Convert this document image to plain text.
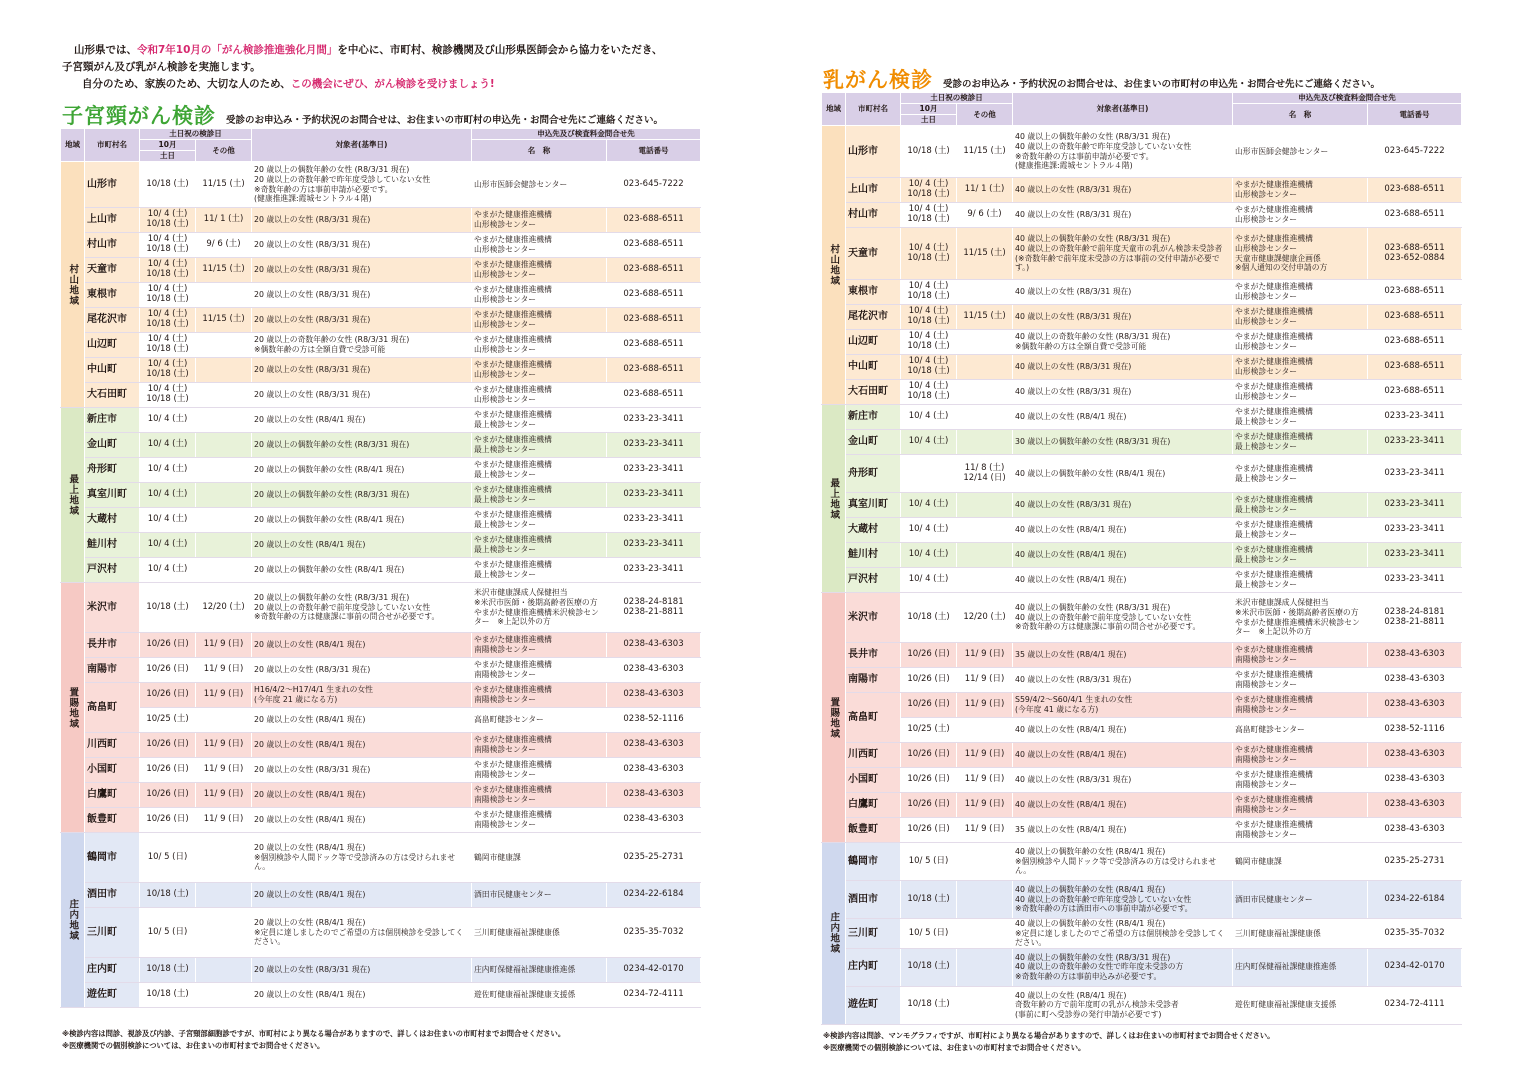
山形県では、令和7年10月の「がん検診推進強化月間」を中心に、市町村、検診機関及び山形県医師会から協力をいただき、
子宮頸がん及び乳がん検診を実施します。
自分のため、家族のため、大切な人のため、この機会にぜひ、がん検診を受けましょう!
子宮頸がん検診 受診のお申込み・予約状況のお問合せは、お住まいの市町村の申込先・お問合せ先にご連絡ください。
地域	市町村名	土日祝の検診日		対象者(基準日)	申込先及び検査料金問合せ先	
		10月	その他		名　称	電話番号
		土日				
村山地域	山形市	10/18 (土)	11/15 (土)	20 歳以上の偶数年齢の女性 (R8/3/31 現在)
20 歳以上の奇数年齢で昨年度受診していない女性
※奇数年齢の方は事前申請が必要です。
(健康推進課:霞城セントラル４階)	山形市医師会健診センター	023-645-7222
	上山市	10/ 4 (土)
10/18 (土)	11/ 1 (土)	20 歳以上の女性 (R8/3/31 現在)	やまがた健康推進機構
山形検診センター	023-688-6511
	村山市	10/ 4 (土)
10/18 (土)	9/ 6 (土)	20 歳以上の女性 (R8/3/31 現在)	やまがた健康推進機構
山形検診センター	023-688-6511
	天童市	10/ 4 (土)
10/18 (土)	11/15 (土)	20 歳以上の女性 (R8/3/31 現在)	やまがた健康推進機構
山形検診センター	023-688-6511
	東根市	10/ 4 (土)
10/18 (土)		20 歳以上の女性 (R8/3/31 現在)	やまがた健康推進機構
山形検診センター	023-688-6511
	尾花沢市	10/ 4 (土)
10/18 (土)	11/15 (土)	20 歳以上の女性 (R8/3/31 現在)	やまがた健康推進機構
山形検診センター	023-688-6511
	山辺町	10/ 4 (土)
10/18 (土)		20 歳以上の奇数年齢の女性 (R8/3/31 現在)
※偶数年齢の方は全額自費で受診可能	やまがた健康推進機構
山形検診センター	023-688-6511
	中山町	10/ 4 (土)
10/18 (土)		20 歳以上の女性 (R8/3/31 現在)	やまがた健康推進機構
山形検診センター	023-688-6511
	大石田町	10/ 4 (土)
10/18 (土)		20 歳以上の女性 (R8/3/31 現在)	やまがた健康推進機構
山形検診センター	023-688-6511
最上地域	新庄市	10/ 4 (土)		20 歳以上の女性 (R8/4/1 現在)	やまがた健康推進機構
最上検診センター	0233-23-3411
	金山町	10/ 4 (土)		20 歳以上の偶数年齢の女性 (R8/3/31 現在)	やまがた健康推進機構
最上検診センター	0233-23-3411
	舟形町	10/ 4 (土)		20 歳以上の偶数年齢の女性 (R8/4/1 現在)	やまがた健康推進機構
最上検診センター	0233-23-3411
	真室川町	10/ 4 (土)		20 歳以上の偶数年齢の女性 (R8/3/31 現在)	やまがた健康推進機構
最上検診センター	0233-23-3411
	大蔵村	10/ 4 (土)		20 歳以上の偶数年齢の女性 (R8/4/1 現在)	やまがた健康推進機構
最上検診センター	0233-23-3411
	鮭川村	10/ 4 (土)		20 歳以上の女性 (R8/4/1 現在)	やまがた健康推進機構
最上検診センター	0233-23-3411
	戸沢村	10/ 4 (土)		20 歳以上の偶数年齢の女性 (R8/4/1 現在)	やまがた健康推進機構
最上検診センター	0233-23-3411
置賜地域	米沢市	10/18 (土)	12/20 (土)	20 歳以上の偶数年齢の女性 (R8/3/31 現在)
20 歳以上の奇数年齢で前年度受診していない女性
※奇数年齢の方は健康課に事前の問合せが必要です。	米沢市健康課成人保健担当
※米沢市医師・後期高齢者医療の方
やまがた健康推進機構米沢検診センター　※上記以外の方	0238-24-8181
0238-21-8811
	長井市	10/26 (日)	11/ 9 (日)	20 歳以上の女性 (R8/4/1 現在)	やまがた健康推進機構
南陽検診センター	0238-43-6303
	南陽市	10/26 (日)	11/ 9 (日)	20 歳以上の女性 (R8/3/31 現在)	やまがた健康推進機構
南陽検診センター	0238-43-6303
	高畠町	10/26 (日)	11/ 9 (日)	H16/4/2～H17/4/1 生まれの女性
(今年度 21 歳になる方)	やまがた健康推進機構
南陽検診センター	0238-43-6303
		10/25 (土)		20 歳以上の女性 (R8/4/1 現在)	高畠町健診センター	0238-52-1116
	川西町	10/26 (日)	11/ 9 (日)	20 歳以上の女性 (R8/4/1 現在)	やまがた健康推進機構
南陽検診センター	0238-43-6303
	小国町	10/26 (日)	11/ 9 (日)	20 歳以上の女性 (R8/3/31 現在)	やまがた健康推進機構
南陽検診センター	0238-43-6303
	白鷹町	10/26 (日)	11/ 9 (日)	20 歳以上の女性 (R8/4/1 現在)	やまがた健康推進機構
南陽検診センター	0238-43-6303
	飯豊町	10/26 (日)	11/ 9 (日)	20 歳以上の女性 (R8/4/1 現在)	やまがた健康推進機構
南陽検診センター	0238-43-6303
庄内地域	鶴岡市	10/ 5 (日)		20 歳以上の女性 (R8/4/1 現在)
※個別検診や人間ドック等で受診済みの方は受けられません。	鶴岡市健康課	0235-25-2731
	酒田市	10/18 (土)		20 歳以上の女性 (R8/4/1 現在)	酒田市民健康センター	0234-22-6184
	三川町	10/ 5 (日)		20 歳以上の女性 (R8/4/1 現在)
※定員に達しましたのでご希望の方は個別検診を受診してください。	三川町健康福祉課健康係	0235-35-7032
	庄内町	10/18 (土)		20 歳以上の女性 (R8/3/31 現在)	庄内町保健福祉課健康推進係	0234-42-0170
	遊佐町	10/18 (土)		20 歳以上の女性 (R8/4/1 現在)	遊佐町健康福祉課健康支援係	0234-72-4111
※検診内容は問診、視診及び内診、子宮頸部細胞診ですが、市町村により異なる場合がありますので、詳しくはお住まいの市町村までお問合せください。
※医療機関での個別検診については、お住まいの市町村までお問合せください。
乳がん検診 受診のお申込み・予約状況のお問合せは、お住まいの市町村の申込先・お問合せ先にご連絡ください。
地域	市町村名	土日祝の検診日		対象者(基準日)	申込先及び検査料金問合せ先	
		10月	その他		名　称	電話番号
		土日				
村山地域	山形市	10/18 (土)	11/15 (土)	40 歳以上の偶数年齢の女性 (R8/3/31 現在)
40 歳以上の奇数年齢で昨年度受診していない女性
※奇数年齢の方は事前申請が必要です。
(健康推進課:霞城セントラル４階)	山形市医師会健診センター	023-645-7222
	上山市	10/ 4 (土)
10/18 (土)	11/ 1 (土)	40 歳以上の女性 (R8/3/31 現在)	やまがた健康推進機構
山形検診センター	023-688-6511
	村山市	10/ 4 (土)
10/18 (土)	9/ 6 (土)	40 歳以上の女性 (R8/3/31 現在)	やまがた健康推進機構
山形検診センター	023-688-6511
	天童市	10/ 4 (土)
10/18 (土)	11/15 (土)	40 歳以上の偶数年齢の女性 (R8/3/31 現在)
40 歳以上の奇数年齢で前年度天童市の乳がん検診未受診者
(※奇数年齢で前年度未受診の方は事前の交付申請が必要です。)	やまがた健康推進機構
山形検診センター
天童市健康課健康企画係
※個人通知の交付申請の方	023-688-6511
023-652-0884
	東根市	10/ 4 (土)
10/18 (土)		40 歳以上の女性 (R8/3/31 現在)	やまがた健康推進機構
山形検診センター	023-688-6511
	尾花沢市	10/ 4 (土)
10/18 (土)	11/15 (土)	40 歳以上の女性 (R8/3/31 現在)	やまがた健康推進機構
山形検診センター	023-688-6511
	山辺町	10/ 4 (土)
10/18 (土)		40 歳以上の奇数年齢の女性 (R8/3/31 現在)
※偶数年齢の方は全額自費で受診可能	やまがた健康推進機構
山形検診センター	023-688-6511
	中山町	10/ 4 (土)
10/18 (土)		40 歳以上の女性 (R8/3/31 現在)	やまがた健康推進機構
山形検診センター	023-688-6511
	大石田町	10/ 4 (土)
10/18 (土)		40 歳以上の女性 (R8/3/31 現在)	やまがた健康推進機構
山形検診センター	023-688-6511
最上地域	新庄市	10/ 4 (土)		40 歳以上の女性 (R8/4/1 現在)	やまがた健康推進機構
最上検診センター	0233-23-3411
	金山町	10/ 4 (土)		30 歳以上の偶数年齢の女性 (R8/3/31 現在)	やまがた健康推進機構
最上検診センター	0233-23-3411
	舟形町		11/ 8 (土)
12/14 (日)	40 歳以上の偶数年齢の女性 (R8/4/1 現在)	やまがた健康推進機構
最上検診センター	0233-23-3411
	真室川町	10/ 4 (土)		40 歳以上の女性 (R8/3/31 現在)	やまがた健康推進機構
最上検診センター	0233-23-3411
	大蔵村	10/ 4 (土)		40 歳以上の女性 (R8/4/1 現在)	やまがた健康推進機構
最上検診センター	0233-23-3411
	鮭川村	10/ 4 (土)		40 歳以上の女性 (R8/4/1 現在)	やまがた健康推進機構
最上検診センター	0233-23-3411
	戸沢村	10/ 4 (土)		40 歳以上の女性 (R8/4/1 現在)	やまがた健康推進機構
最上検診センター	0233-23-3411
置賜地域	米沢市	10/18 (土)	12/20 (土)	40 歳以上の偶数年齢の女性 (R8/3/31 現在)
40 歳以上の奇数年齢で前年度受診していない女性
※奇数年齢の方は健康課に事前の問合せが必要です。	米沢市健康課成人保健担当
※米沢市医師・後期高齢者医療の方
やまがた健康推進機構米沢検診センター　※上記以外の方	0238-24-8181
0238-21-8811
	長井市	10/26 (日)	11/ 9 (日)	35 歳以上の女性 (R8/4/1 現在)	やまがた健康推進機構
南陽検診センター	0238-43-6303
	南陽市	10/26 (日)	11/ 9 (日)	40 歳以上の女性 (R8/3/31 現在)	やまがた健康推進機構
南陽検診センター	0238-43-6303
	高畠町	10/26 (日)	11/ 9 (日)	S59/4/2～S60/4/1 生まれの女性
(今年度 41 歳になる方)	やまがた健康推進機構
南陽検診センター	0238-43-6303
		10/25 (土)		40 歳以上の女性 (R8/4/1 現在)	高畠町健診センター	0238-52-1116
	川西町	10/26 (日)	11/ 9 (日)	40 歳以上の女性 (R8/4/1 現在)	やまがた健康推進機構
南陽検診センター	0238-43-6303
	小国町	10/26 (日)	11/ 9 (日)	40 歳以上の女性 (R8/3/31 現在)	やまがた健康推進機構
南陽検診センター	0238-43-6303
	白鷹町	10/26 (日)	11/ 9 (日)	40 歳以上の女性 (R8/4/1 現在)	やまがた健康推進機構
南陽検診センター	0238-43-6303
	飯豊町	10/26 (日)	11/ 9 (日)	35 歳以上の女性 (R8/4/1 現在)	やまがた健康推進機構
南陽検診センター	0238-43-6303
庄内地域	鶴岡市	10/ 5 (日)		40 歳以上の偶数年齢の女性 (R8/4/1 現在)
※個別検診や人間ドック等で受診済みの方は受けられません。	鶴岡市健康課	0235-25-2731
	酒田市	10/18 (土)		40 歳以上の偶数年齢の女性 (R8/4/1 現在)
40 歳以上の奇数年齢で昨年度受診していない女性
※奇数年齢の方は酒田市への事前申請が必要です。	酒田市民健康センター	0234-22-6184
	三川町	10/ 5 (日)		40 歳以上の偶数年齢の女性 (R8/4/1 現在)
※定員に達しましたのでご希望の方は個別検診を受診してください。	三川町健康福祉課健康係	0235-35-7032
	庄内町	10/18 (土)		40 歳以上の偶数年齢の女性 (R8/3/31 現在)
40 歳以上の奇数年齢の女性で昨年度未受診の方
※奇数年齢の方は事前申込みが必要です。	庄内町保健福祉課健康推進係	0234-42-0170
	遊佐町	10/18 (土)		40 歳以上の女性 (R8/4/1 現在)
奇数年齢の方で前年度町の乳がん検診未受診者
(事前に町へ受診券の発行申請が必要です)	遊佐町健康福祉課健康支援係	0234-72-4111
※検診内容は問診、マンモグラフィですが、市町村により異なる場合がありますので、詳しくはお住まいの市町村までお問合せください。
※医療機関での個別検診については、お住まいの市町村までお問合せください。
